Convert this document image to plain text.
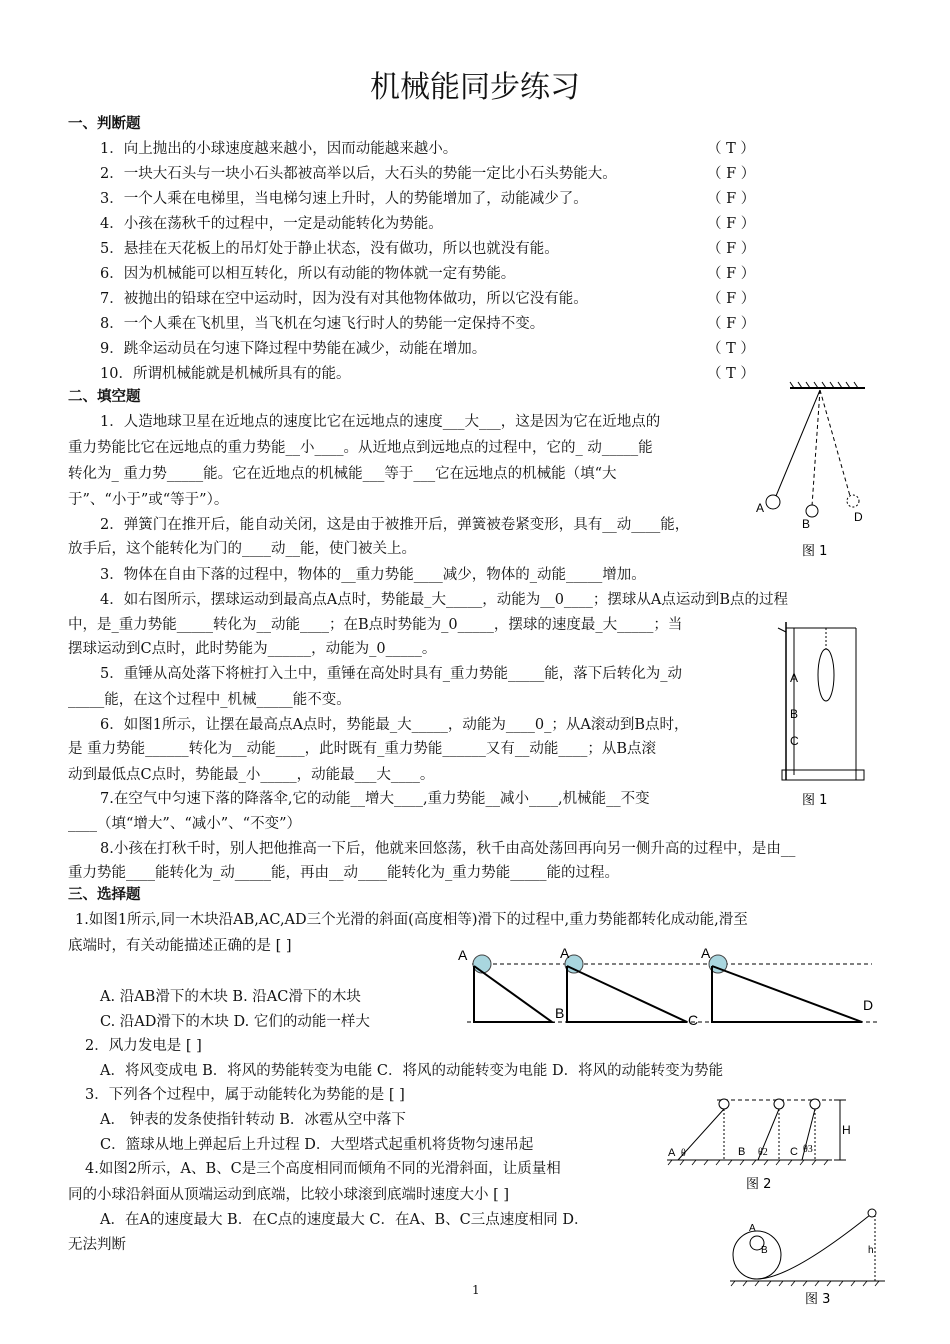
机械能同步练习
一、判断题
1．向上抛出的小球速度越来越小，因而动能越来越小。	（ T ）
2．一块大石头与一块小石头都被高举以后，大石头的势能一定比小石头势能大。	（ F ）
3．一个人乘在电梯里，当电梯匀速上升时，人的势能增加了，动能减少了。	（ F ）
4．小孩在荡秋千的过程中，一定是动能转化为势能。	（ F ）
5．悬挂在天花板上的吊灯处于静止状态，没有做功，所以也就没有能。	（ F ）
6．因为机械能可以相互转化，所以有动能的物体就一定有势能。	（ F ）
7．被抛出的铅球在空中运动时，因为没有对其他物体做功，所以它没有能。	（ F ）
8．一个人乘在飞机里，当飞机在匀速飞行时人的势能一定保持不变。	（ F ）
9．跳伞运动员在匀速下降过程中势能在减少，动能在增加。	（ T ）
10．所谓机械能就是机械所具有的能。	（ T ）
二、填空题
1．人造地球卫星在近地点的速度比它在远地点的速度___大___，这是因为它在近地点的
重力势能比它在远地点的重力势能__小____。从近地点到远地点的过程中，它的_ 动_____能
转化为_ 重力势_____能。它在近地点的机械能___等于___它在远地点的机械能（填“大
于”、“小于”或“等于”）。
2．弹簧门在推开后，能自动关闭，这是由于被推开后，弹簧被卷紧变形，具有__动____能，
放手后，这个能转化为门的____动__能，使门被关上。
3．物体在自由下落的过程中，物体的__重力势能____减少，物体的_动能_____增加。
4．如右图所示，摆球运动到最高点A点时，势能最_大_____，动能为__0____；摆球从A点运动到B点的过程
中，是_重力势能_____转化为__动能____；在B点时势能为_0_____，摆球的速度最_大_____；当
摆球运动到C点时，此时势能为______，动能为_0_____。
5．重锤从高处落下将桩打入土中，重锤在高处时具有_重力势能_____能，落下后转化为_动
_____能，在这个过程中_机械_____能不变。
6．如图1所示，让摆在最高点A点时，势能最_大_____，动能为____0_；从A滚动到B点时，
是 重力势能______转化为__动能____，此时既有_重力势能______又有__动能____；从B点滚
动到最低点C点时，势能最_小_____，动能最___大____。
7.在空气中匀速下落的降落伞,它的动能__增大____,重力势能__减小____,机械能__不变
____（填“增大”、“减小”、“不变”）
8.小孩在打秋千时，别人把他推高一下后，他就来回悠荡，秋千由高处荡回再向另一侧升高的过程中，是由__
重力势能____能转化为_动_____能，再由__动____能转化为_重力势能_____能的过程。
三、选择题
1.如图1所示,同一木块沿AB,AC,AD三个光滑的斜面(高度相等)滑下的过程中,重力势能都转化成动能,滑至
底端时，有关动能描述正确的是 [ ]
A. 沿AB滑下的木块 B. 沿AC滑下的木块
C. 沿AD滑下的木块 D. 它们的动能一样大
2．风力发电是 [ ]
A．将风变成电 B．将风的势能转变为电能 C．将风的动能转变为电能 D．将风的动能转变为势能
3．下列各个过程中，属于动能转化为势能的是 [ ]
A． 钟表的发条使指针转动 B．冰雹从空中落下
C．篮球从地上弹起后上升过程 D．大型塔式起重机将货物匀速吊起
4.如图2所示，A、B、C是三个高度相同而倾角不同的光滑斜面，让质量相
同的小球沿斜面从顶端运动到底端，比较小球滚到底端时速度大小 [ ]
A．在A的速度最大 B．在C点的速度最大 C．在A、B、C三点速度相同 D．
无法判断
A
B	D
图 1
A
B
C
图 1
A
B
A
C
A
D
A θ	B θ2 C θ3
H
图 2
A
B	h
图 3
1
